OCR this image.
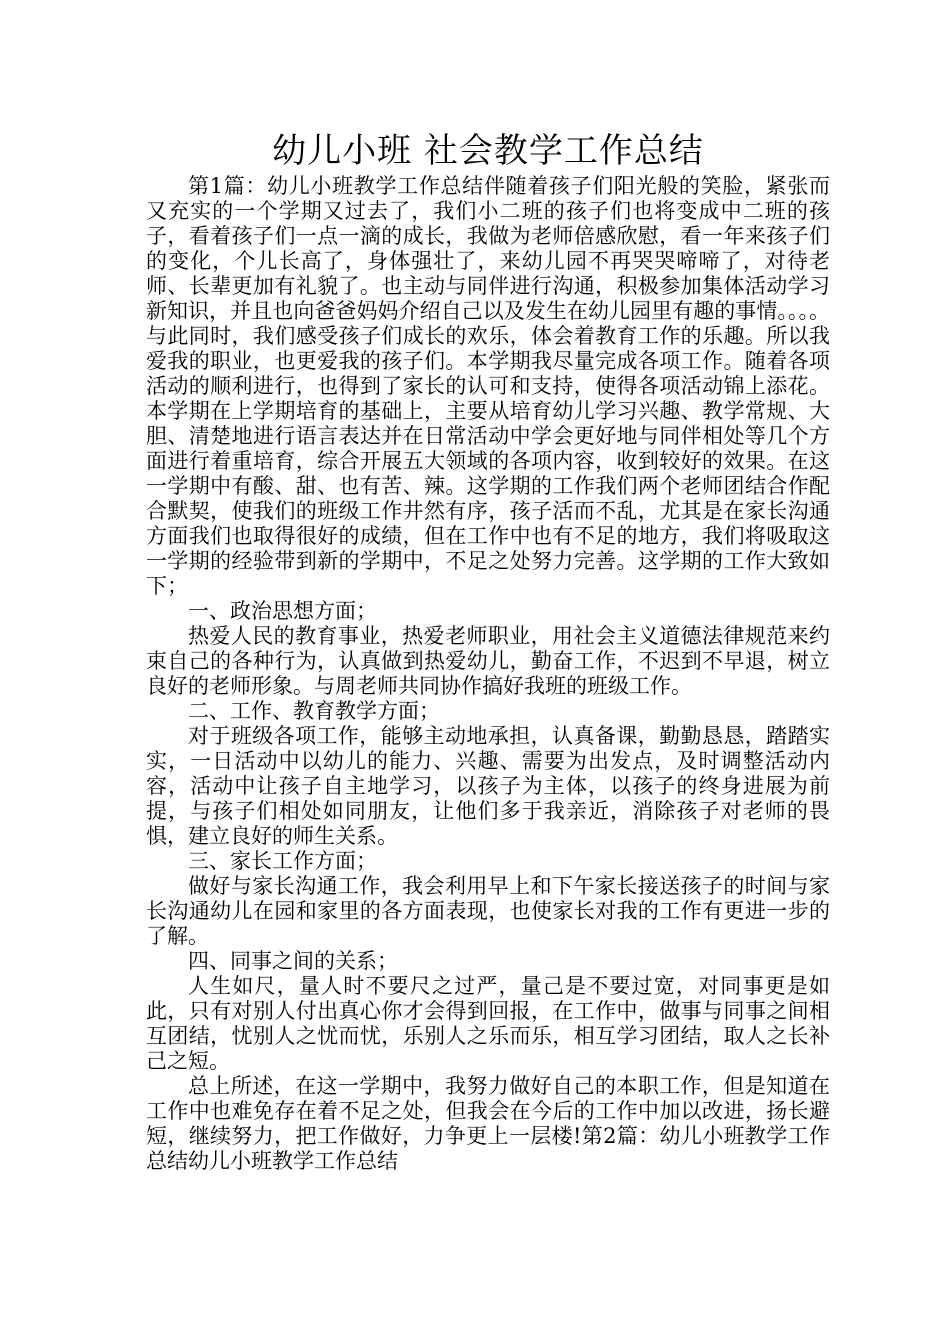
幼儿小班 社会教学工作总结

第1篇：幼儿小班教学工作总结伴随着孩子们阳光般的笑脸，紧张而又充实的一个学期又过去了，我们小二班的孩子们也将变成中二班的孩子，看着孩子们一点一滴的成长，我做为老师倍感欣慰，看一年来孩子们的变化，个儿长高了，身体强壮了，来幼儿园不再哭哭啼啼了，对待老师、长辈更加有礼貌了。也主动与同伴进行沟通，积极参加集体活动学习新知识，并且也向爸爸妈妈介绍自己以及发生在幼儿园里有趣的事情。。。。与此同时，我们感受孩子们成长的欢乐，体会着教育工作的乐趣。所以我爱我的职业，也更爱我的孩子们。本学期我尽量完成各项工作。随着各项活动的顺利进行，也得到了家长的认可和支持，使得各项活动锦上添花。本学期在上学期培育的基础上，主要从培育幼儿学习兴趣、教学常规、大胆、清楚地进行语言表达并在日常活动中学会更好地与同伴相处等几个方面进行着重培育，综合开展五大领域的各项内容，收到较好的效果。在这一学期中有酸、甜、也有苦、辣。这学期的工作我们两个老师团结合作配合默契，使我们的班级工作井然有序，孩子活而不乱，尤其是在家长沟通方面我们也取得很好的成绩，但在工作中也有不足的地方，我们将吸取这一学期的经验带到新的学期中，不足之处努力完善。这学期的工作大致如下；

一、政治思想方面；

热爱人民的教育事业，热爱老师职业，用社会主义道德法律规范来约束自己的各种行为，认真做到热爱幼儿，勤奋工作，不迟到不早退，树立良好的老师形象。与周老师共同协作搞好我班的班级工作。

二、工作、教育教学方面；

对于班级各项工作，能够主动地承担，认真备课，勤勤恳恳，踏踏实实，一日活动中以幼儿的能力、兴趣、需要为出发点，及时调整活动内容，活动中让孩子自主地学习，以孩子为主体，以孩子的终身进展为前提，与孩子们相处如同朋友，让他们多于我亲近，消除孩子对老师的畏惧，建立良好的师生关系。

三、家长工作方面；

做好与家长沟通工作，我会利用早上和下午家长接送孩子的时间与家长沟通幼儿在园和家里的各方面表现，也使家长对我的工作有更进一步的了解。

四、同事之间的关系；

人生如尺，量人时不要尺之过严，量己是不要过宽，对同事更是如此，只有对别人付出真心你才会得到回报，在工作中，做事与同事之间相互团结，忧别人之忧而忧，乐别人之乐而乐，相互学习团结，取人之长补己之短。

总上所述，在这一学期中，我努力做好自己的本职工作，但是知道在工作中也难免存在着不足之处，但我会在今后的工作中加以改进，扬长避短，继续努力，把工作做好，力争更上一层楼!第2篇：幼儿小班教学工作总结幼儿小班教学工作总结
